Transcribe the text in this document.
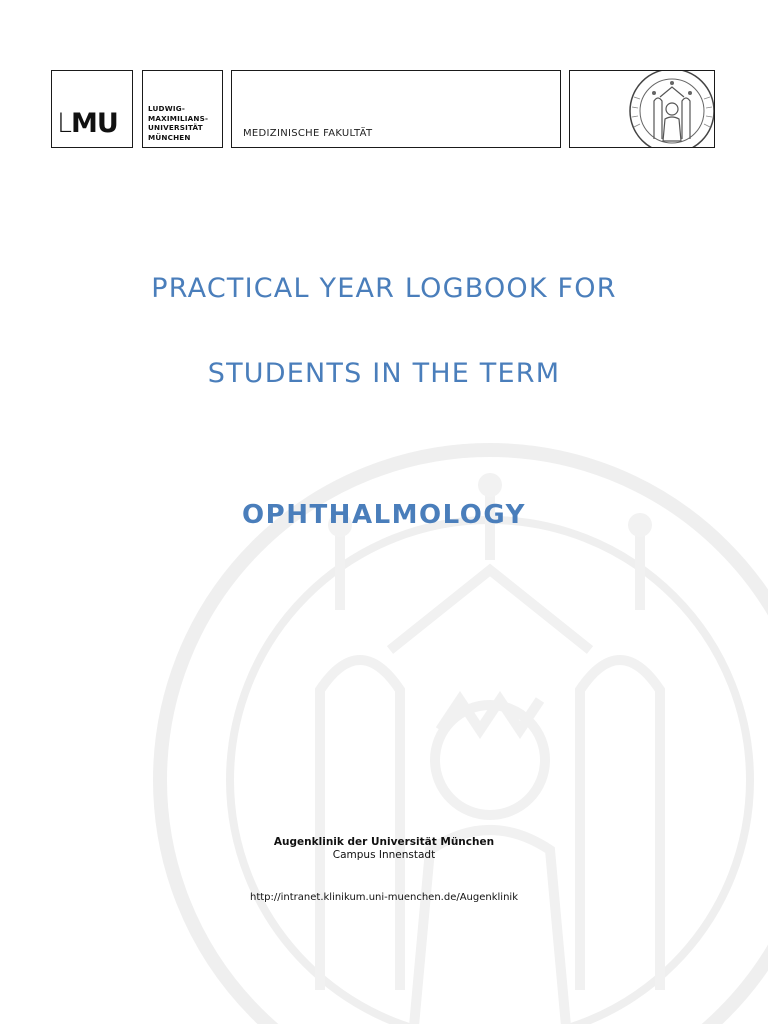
LMU	LUDWIG-
MAXIMILIANS-
UNIVERSITÄT
MÜNCHEN	MEDIZINISCHE FAKULTÄT
PRACTICAL YEAR LOGBOOK FOR
STUDENTS IN THE TERM
OPHTHALMOLOGY
Augenklinik der Universität München
Campus Innenstadt
http://intranet.klinikum.uni-muenchen.de/Augenklinik
